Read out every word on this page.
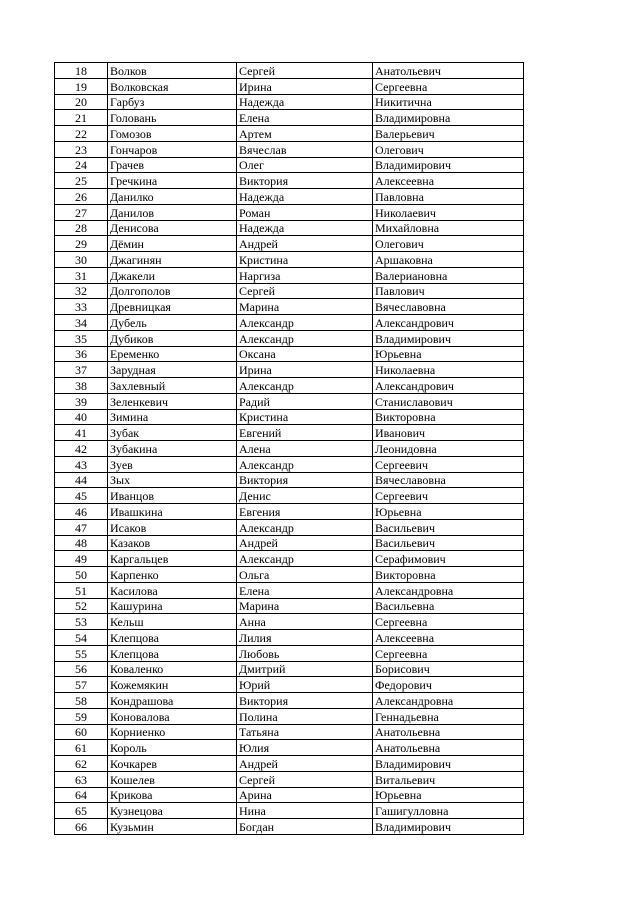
18	Волков	Сергей	Анатольевич
19	Волковская	Ирина	Сергеевна
20	Гарбуз	Надежда	Никитична
21	Головань	Елена	Владимировна
22	Гомозов	Артем	Валерьевич
23	Гончаров	Вячеслав	Олегович
24	Грачев	Олег	Владимирович
25	Гречкина	Виктория	Алексеевна
26	Данилко	Надежда	Павловна
27	Данилов	Роман	Николаевич
28	Денисова	Надежда	Михайловна
29	Дёмин	Андрей	Олегович
30	Джагинян	Кристина	Аршаковна
31	Джакели	Наргиза	Валериановна
32	Долгополов	Сергей	Павлович
33	Древницкая	Марина	Вячеславовна
34	Дубель	Александр	Александрович
35	Дубиков	Александр	Владимирович
36	Еременко	Оксана	Юрьевна
37	Зарудная	Ирина	Николаевна
38	Захлевный	Александр	Александрович
39	Зеленкевич	Радий	Станиславович
40	Зимина	Кристина	Викторовна
41	Зубак	Евгений	Иванович
42	Зубакина	Алена	Леонидовна
43	Зуев	Александр	Сергеевич
44	Зых	Виктория	Вячеславовна
45	Иванцов	Денис	Сергеевич
46	Ивашкина	Евгения	Юрьевна
47	Исаков	Александр	Васильевич
48	Казаков	Андрей	Васильевич
49	Каргальцев	Александр	Серафимович
50	Карпенко	Ольга	Викторовна
51	Касилова	Елена	Александровна
52	Кашурина	Марина	Васильевна
53	Кельш	Анна	Сергеевна
54	Клепцова	Лилия	Алексеевна
55	Клепцова	Любовь	Сергеевна
56	Коваленко	Дмитрий	Борисович
57	Кожемякин	Юрий	Федорович
58	Кондрашова	Виктория	Александровна
59	Коновалова	Полина	Геннадьевна
60	Корниенко	Татьяна	Анатольевна
61	Король	Юлия	Анатольевна
62	Кочкарев	Андрей	Владимирович
63	Кошелев	Сергей	Витальевич
64	Крикова	Арина	Юрьевна
65	Кузнецова	Нина	Гашигулловна
66	Кузьмин	Богдан	Владимирович
